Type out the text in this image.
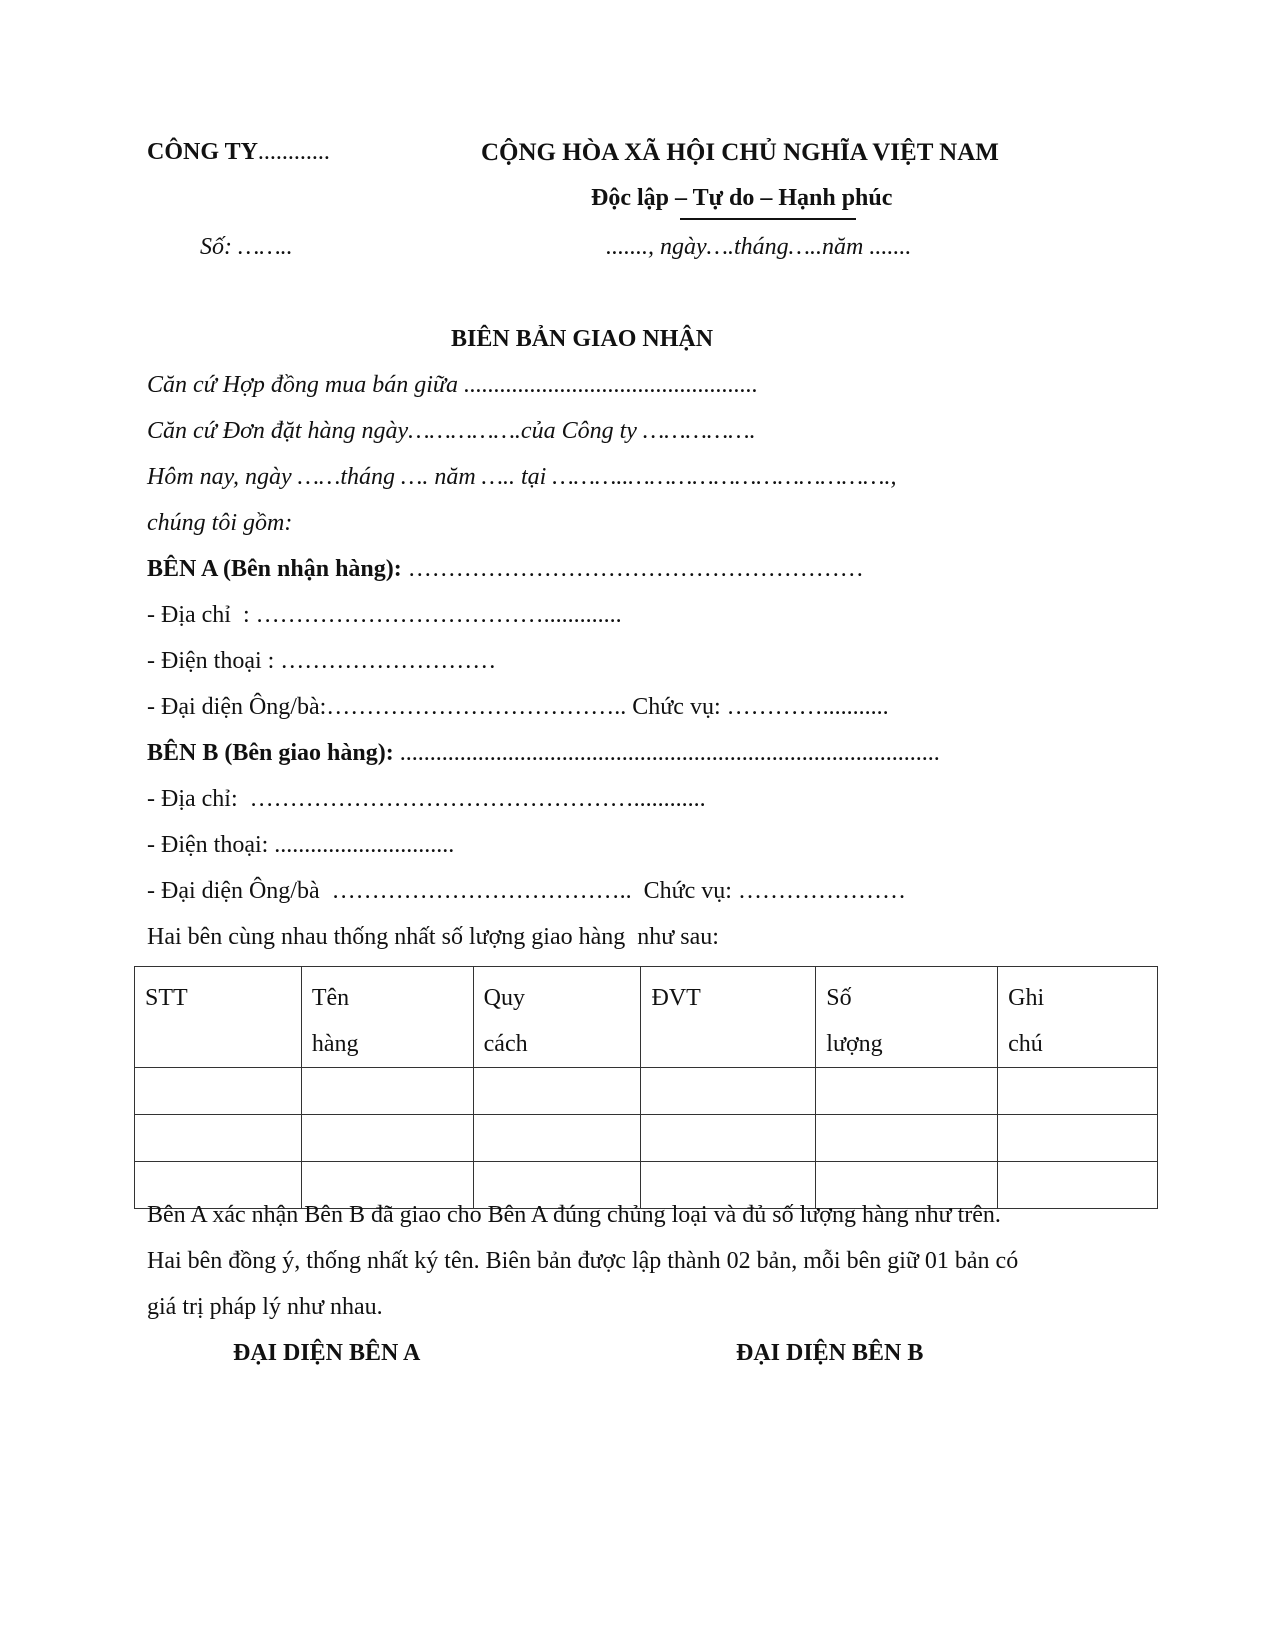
CÔNG TY............	CỘNG HÒA XÃ HỘI CHỦ NGHĨA VIỆT NAM
Độc lập – Tự do – Hạnh phúc
Số: ……..	......., ngày….tháng…..năm .......
BIÊN BẢN GIAO NHẬN
Căn cứ Hợp đồng mua bán giữa .................................................
Căn cứ Đơn đặt hàng ngày…………….của Công ty …………….
Hôm nay, ngày ……tháng …. năm ….. tại ………..……………………………….,
chúng tôi gồm:
BÊN A (Bên nhận hàng): …………………………………………………
- Địa chỉ  : ……………………………….............
- Điện thoại : ………………………
- Đại diện Ông/bà:……………………………….. Chức vụ: …………...........
BÊN B (Bên giao hàng): ..........................................................................................
- Địa chỉ:  …………………………………………............
- Điện thoại: ..............................
- Đại diện Ông/bà  ………………………………..  Chức vụ: …………………
Hai bên cùng nhau thống nhất số lượng giao hàng  như sau:
STT	Tên hàng	Quy cách	ĐVT	Số lượng	Ghi chú

Bên A xác nhận Bên B đã giao cho Bên A đúng chủng loại và đủ số lượng hàng như trên.
Hai bên đồng ý, thống nhất ký tên. Biên bản được lập thành 02 bản, mỗi bên giữ 01 bản có
giá trị pháp lý như nhau.
ĐẠI DIỆN BÊN A	ĐẠI DIỆN BÊN B
